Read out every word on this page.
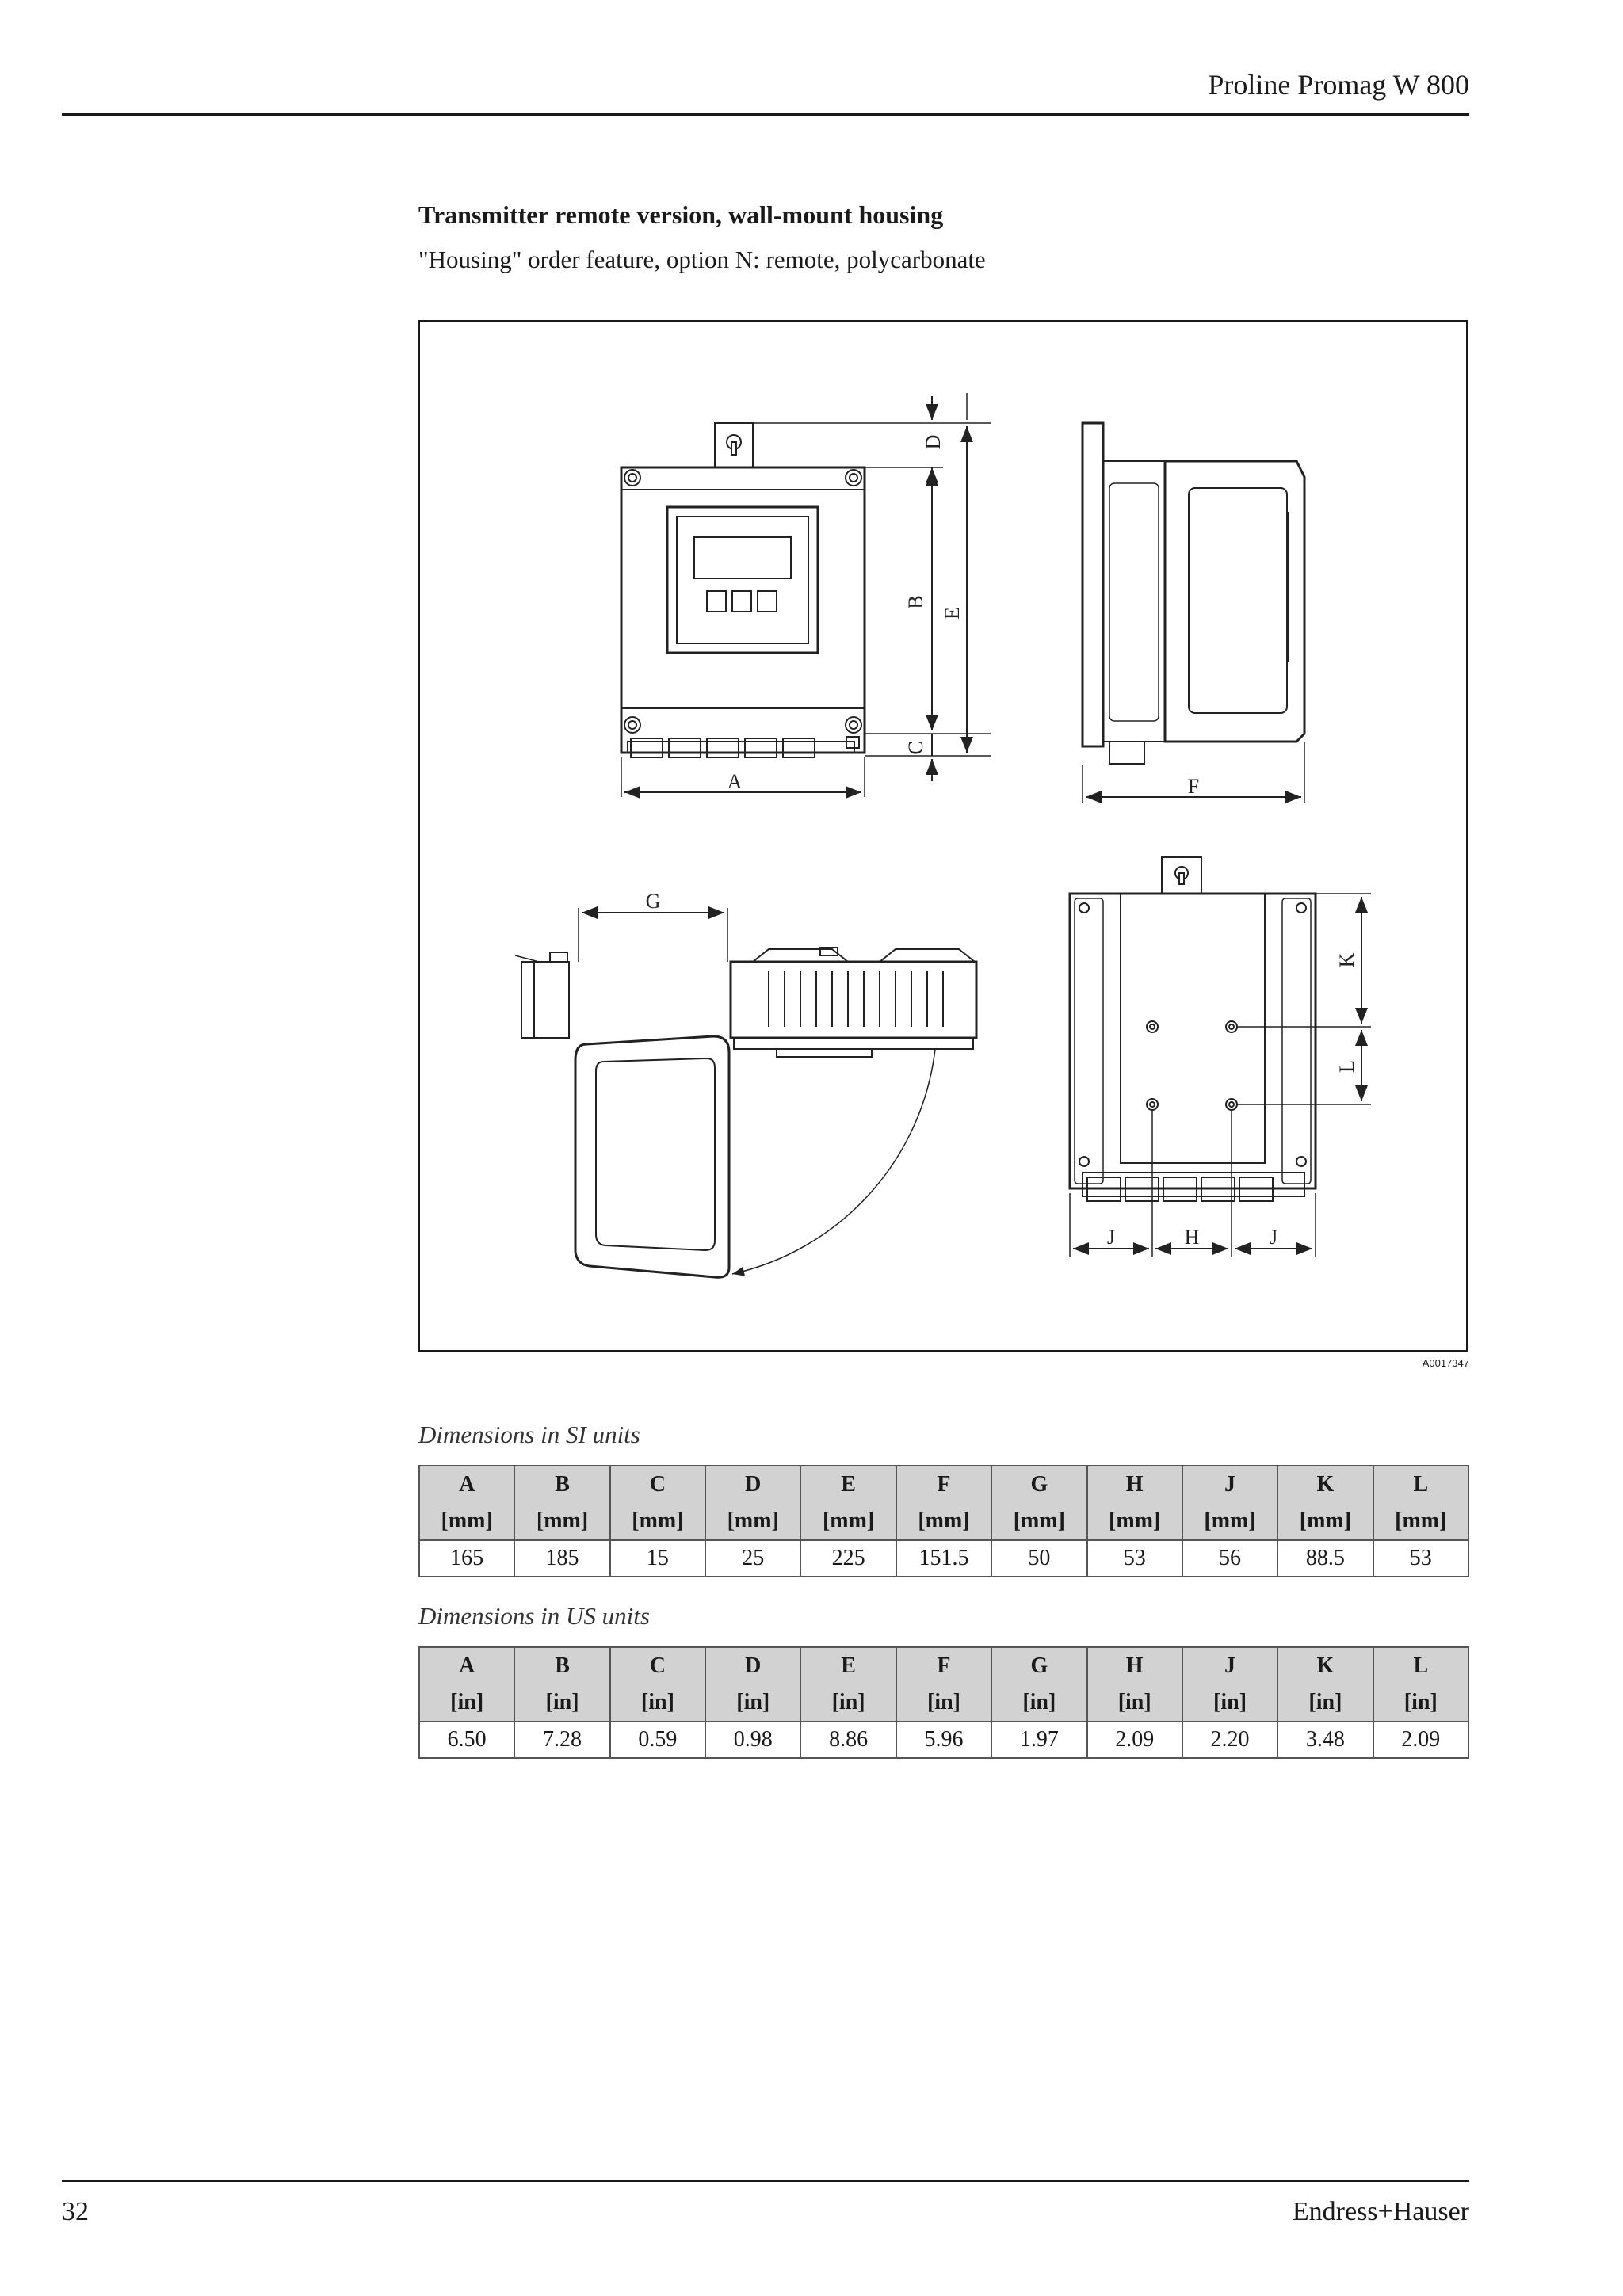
Proline Promag W 800
Transmitter remote version, wall-mount housing
"Housing" order feature, option N: remote, polycarbonate
A
D
B
C
E
F
G
K
L
J	H	J
A0017347
Dimensions in SI units
A	B	C	D	E	F	G	H	J	K	L
[mm]	[mm]	[mm]	[mm]	[mm]	[mm]	[mm]	[mm]	[mm]	[mm]	[mm]
165	185	15	25	225	151.5	50	53	56	88.5	53
Dimensions in US units
A	B	C	D	E	F	G	H	J	K	L
[in]	[in]	[in]	[in]	[in]	[in]	[in]	[in]	[in]	[in]	[in]
6.50	7.28	0.59	0.98	8.86	5.96	1.97	2.09	2.20	3.48	2.09
32	Endress+Hauser
